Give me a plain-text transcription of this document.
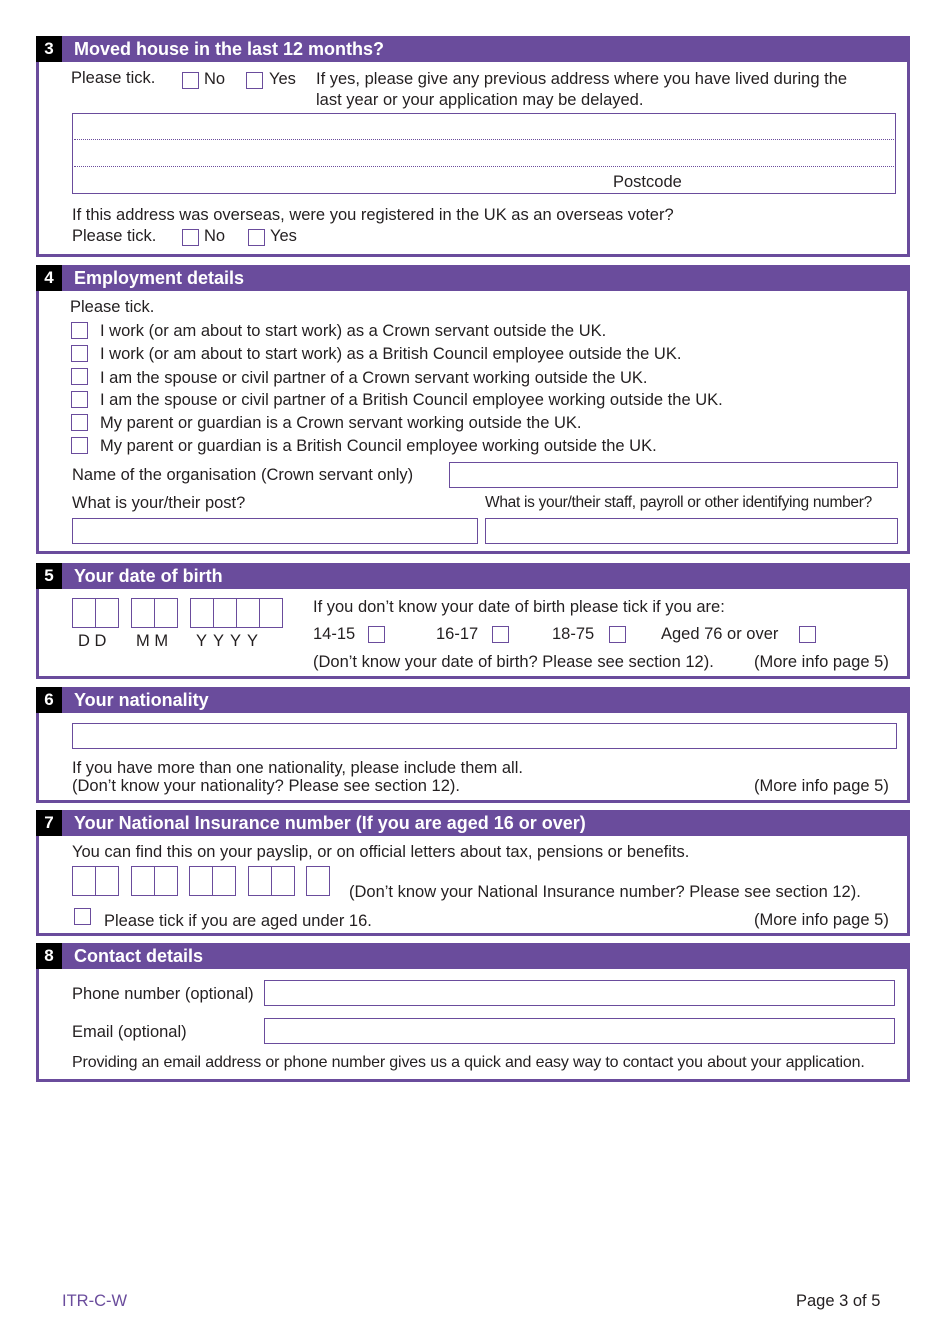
3	Moved house in the last 12 months?
Please tick.	No	Yes If yes, please give any previous address where you have lived during the
last year or your application may be delayed.
Postcode
If this address was overseas, were you registered in the UK as an overseas voter?
Please tick.	No	Yes
4	Employment details
Please tick.
I work (or am about to start work) as a Crown servant outside the UK.
I work (or am about to start work) as a British Council employee outside the UK.
I am the spouse or civil partner of a Crown servant working outside the UK.
I am the spouse or civil partner of a British Council employee working outside the UK.
My parent or guardian is a Crown servant working outside the UK.
My parent or guardian is a British Council employee working outside the UK.
Name of the organisation (Crown servant only)
What is your/their post?	What is your/their staff, payroll or other identifying number?
5	Your date of birth
D D M M Y Y Y Y
If you don’t know your date of birth please tick if you are:
14-15	16-17	18-75	Aged 76 or over
(Don’t know your date of birth? Please see section 12). (More info page 5)
6	Your nationality
If you have more than one nationality, please include them all.
(Don’t know your nationality? Please see section 12).	(More info page 5)
7	Your National Insurance number (If you are aged 16 or over)
You can find this on your payslip, or on official letters about tax, pensions or benefits.
(Don’t know your National Insurance number? Please see section 12).
Please tick if you are aged under 16.	(More info page 5)
8	Contact details
Phone number (optional)
Email (optional)
Providing an email address or phone number gives us a quick and easy way to contact you about your application.
ITR-C-W	Page 3 of 5
